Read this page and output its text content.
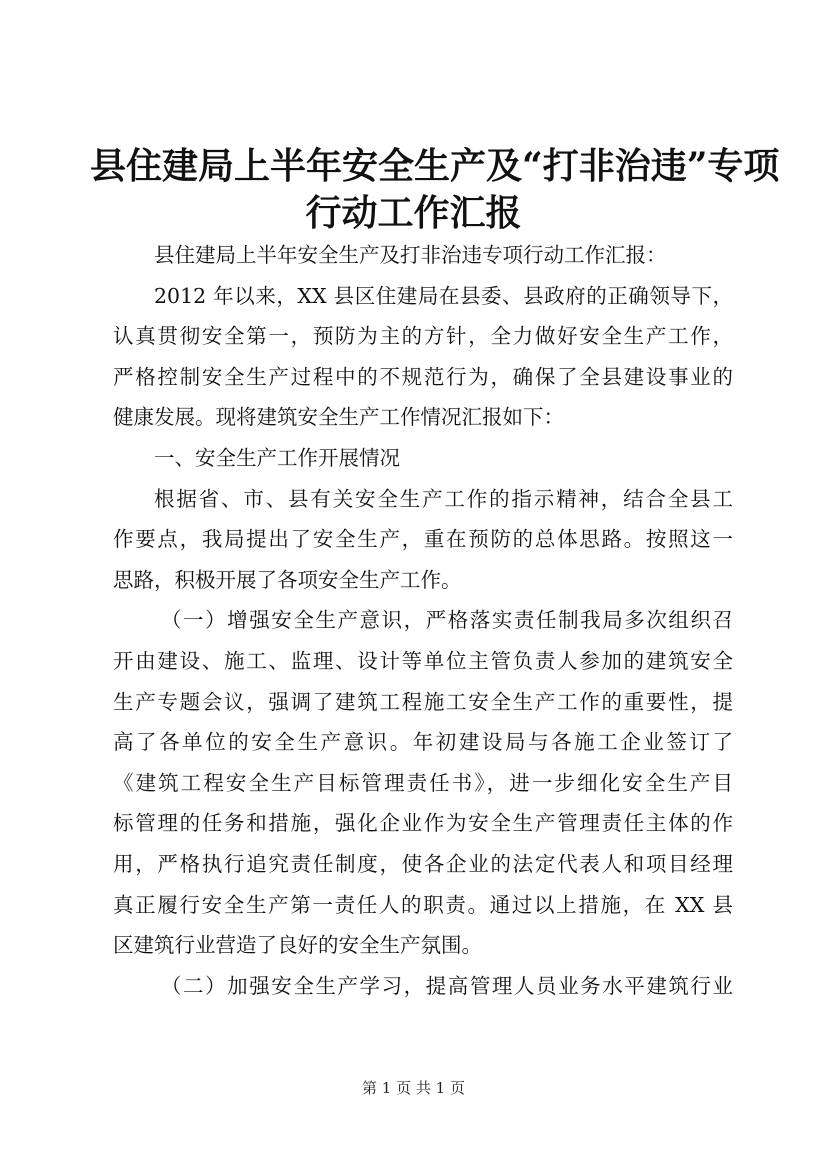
县住建局上半年安全生产及“打非治违”专项
行动工作汇报
县住建局上半年安全生产及打非治违专项行动工作汇报：
2012 年以来，XX 县区住建局在县委、县政府的正确领导下，
认真贯彻安全第一，预防为主的方针，全力做好安全生产工作，
严格控制安全生产过程中的不规范行为，确保了全县建设事业的
健康发展。现将建筑安全生产工作情况汇报如下：
一、安全生产工作开展情况
根据省、市、县有关安全生产工作的指示精神，结合全县工
作要点，我局提出了安全生产，重在预防的总体思路。按照这一
思路，积极开展了各项安全生产工作。
（一）增强安全生产意识，严格落实责任制我局多次组织召
开由建设、施工、监理、设计等单位主管负责人参加的建筑安全
生产专题会议，强调了建筑工程施工安全生产工作的重要性，提
高了各单位的安全生产意识。年初建设局与各施工企业签订了
《建筑工程安全生产目标管理责任书》，进一步细化安全生产目
标管理的任务和措施，强化企业作为安全生产管理责任主体的作
用，严格执行追究责任制度，使各企业的法定代表人和项目经理
真正履行安全生产第一责任人的职责。通过以上措施，在 XX 县
区建筑行业营造了良好的安全生产氛围。
（二）加强安全生产学习，提高管理人员业务水平建筑行业
第 1 页 共 1 页
